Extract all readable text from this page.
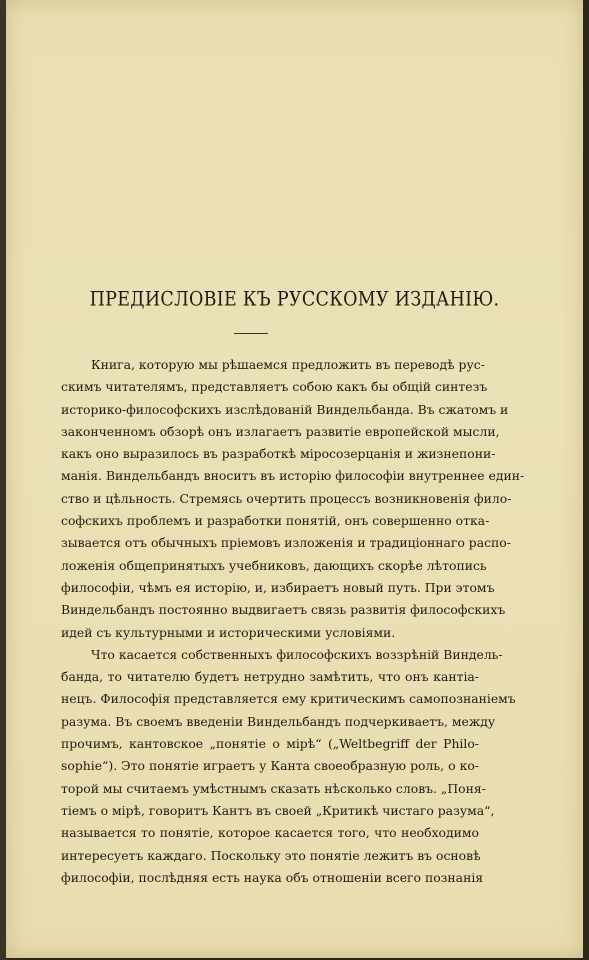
ПРЕДИСЛОВІЕ КЪ РУССКОМУ ИЗДАНІЮ.
Книга, которую мы рѣшаемся предложить въ переводѣ рус-
скимъ читателямъ, представляетъ собою какъ бы общій синтезъ
историко-философскихъ изслѣдованій Виндельбанда. Въ сжатомъ и
законченномъ обзорѣ онъ излагаетъ развитіе европейской мысли,
какъ оно выразилось въ разработкѣ міросозерцанія и жизнепони-
манія. Виндельбандъ вноситъ въ исторію философіи внутреннее един-
ство и цѣльность. Стремясь очертить процессъ возникновенія фило-
софскихъ проблемъ и разработки понятій, онъ совершенно отка-
зывается отъ обычныхъ пріемовъ изложенія и традиціоннаго распо-
ложенія общепринятыхъ учебниковъ, дающихъ скорѣе лѣтопись
философіи, чѣмъ ея исторію, и, избираетъ новый путь. При этомъ
Виндельбандъ постоянно выдвигаетъ связь развитія философскихъ
идей съ культурными и историческими условіями.
Что касается собственныхъ философскихъ воззрѣній Виндель-
банда, то читателю будетъ нетрудно замѣтить, что онъ кантіа-
нецъ. Философія представляется ему критическимъ самопознаніемъ
разума. Въ своемъ введеніи Виндельбандъ подчеркиваетъ, между
прочимъ, кантовское „понятіе о мірѣ“ („Weltbegriff der Philo-
sophie“). Это понятіе играетъ у Канта своеобразную роль, о ко-
торой мы считаемъ умѣстнымъ сказать нѣсколько словъ. „Поня-
тіемъ о мірѣ, говоритъ Кантъ въ своей „Критикѣ чистаго разума“,
называется то понятіе, которое касается того, что необходимо
интересуетъ каждаго. Поскольку это понятіе лежитъ въ основѣ
философіи, послѣдняя есть наука объ отношеніи всего познанія
